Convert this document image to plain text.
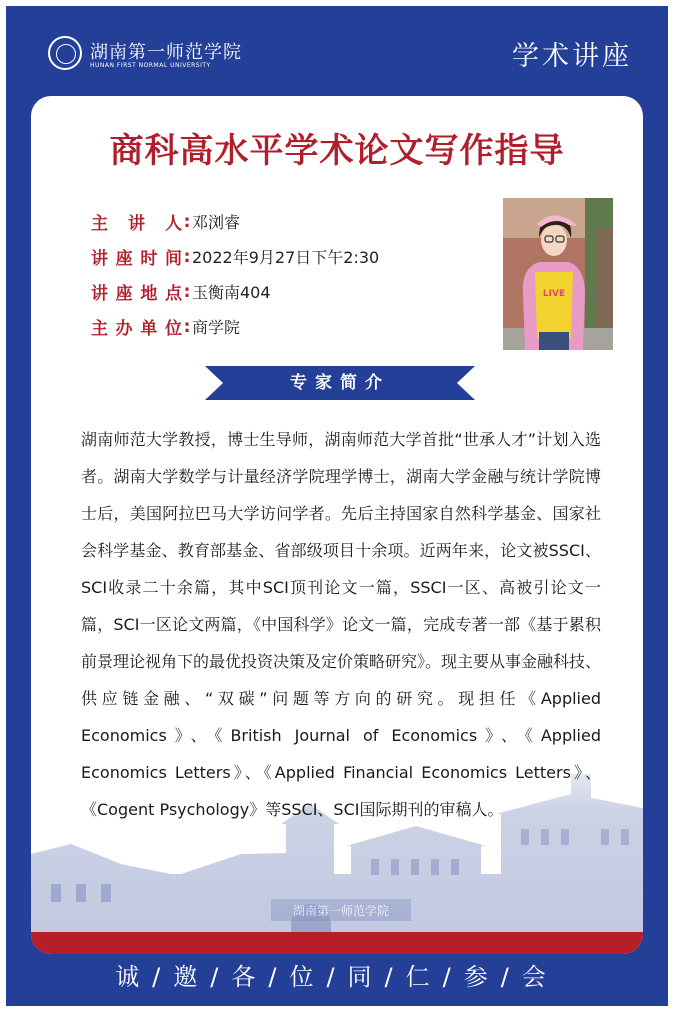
湖南第一师范学院
HUNAN FIRST NORMAL UNIVERSITY	学术讲座
商科高水平学术论文写作指导
主讲人 : 邓浏睿
讲座时间 : 2022年9月27日下午2:30
讲座地点 : 玉衡南404
主办单位 : 商学院
LIVE
专家简介
湖南师范大学教授，博士生导师，湖南师范大学首批“世承人才”计划入选者。湖南大学数学与计量经济学院理学博士，湖南大学金融与统计学院博士后，美国阿拉巴马大学访问学者。先后主持国家自然科学基金、国家社会科学基金、教育部基金、省部级项目十余项。近两年来，论文被SSCI、SCI收录二十余篇，其中SCI顶刊论文一篇，SSCI一区、高被引论文一篇，SCI一区论文两篇，《中国科学》论文一篇，完成专著一部《基于累积前景理论视角下的最优投资决策及定价策略研究》。现主要从事金融科技、供应链金融、“双碳”问题等方向的研究。现担任《Applied Economics》、《British Journal of Economics》、《Applied Economics Letters》、《Applied Financial Economics Letters》、《Cogent Psychology》等SSCI、SCI国际期刊的审稿人。
诚/邀/各/位/同/仁/参/会
